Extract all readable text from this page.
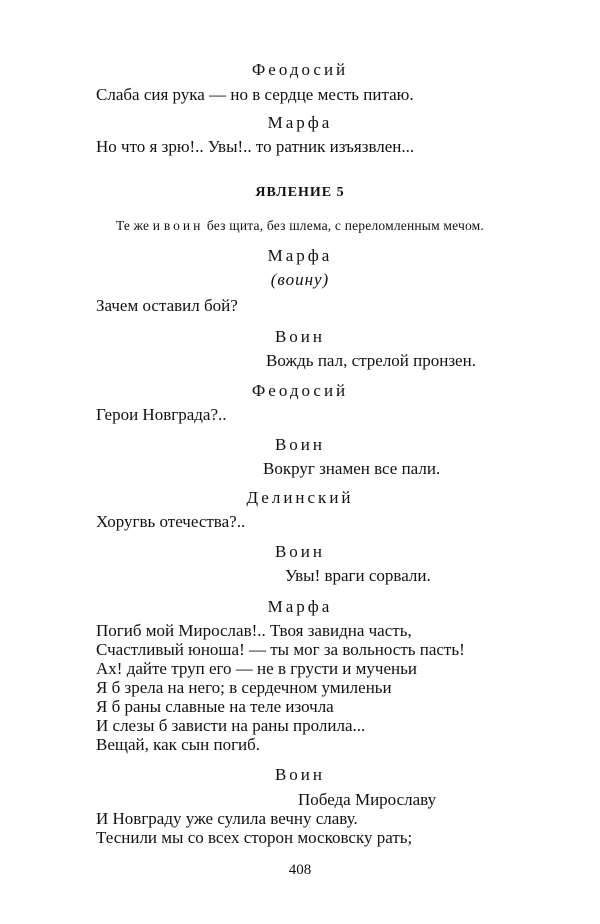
Феодосий
Слаба сия рука — но в сердце месть питаю.
Марфа
Но что я зрю!.. Увы!.. то ратник изъязвлен...
ЯВЛЕНИЕ 5
Те же и воин без щита, без шлема, с переломленным мечом.
Марфа
(воину)
Зачем оставил бой?
Воин
Вождь пал, стрелой пронзен.
Феодосий
Герои Новграда?..
Воин
Вокруг знамен все пали.
Делинский
Хоругвь отечества?..
Воин
Увы! враги сорвали.
Марфа
Погиб мой Мирослав!.. Твоя завидна часть,
Счастливый юноша! — ты мог за вольность пасть!
Ах! дайте труп его — не в грусти и мученьи
Я б зрела на него; в сердечном умиленьи
Я б раны славные на теле изочла
И слезы б зависти на раны пролила...
Вещай, как сын погиб.
Воин
Победа Мирославу
И Новграду уже сулила вечну славу.
Теснили мы со всех сторон московску рать;
408
